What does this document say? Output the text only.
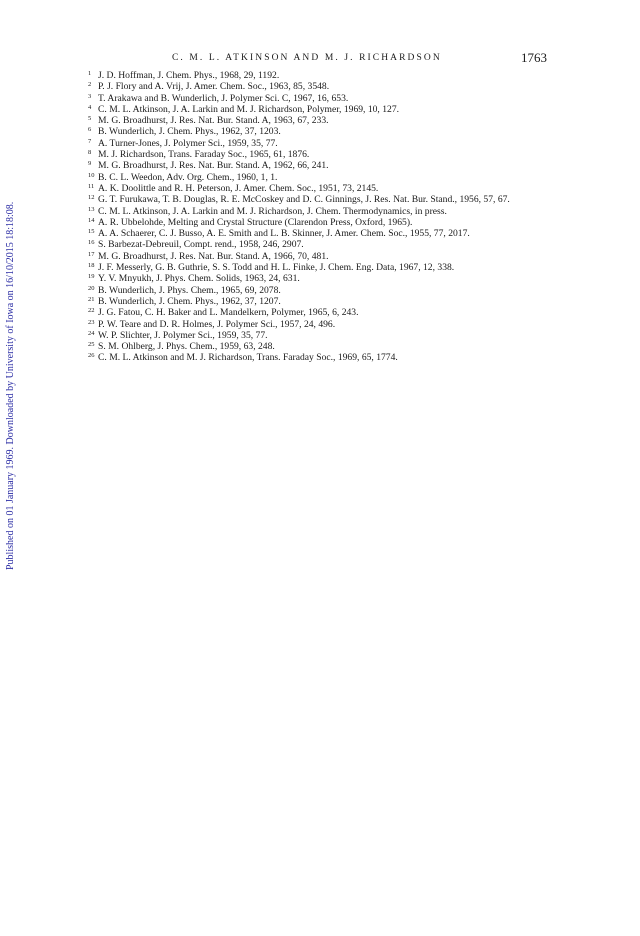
C. M. L. ATKINSON AND M. J. RICHARDSON	1763
Published on 01 January 1969. Downloaded by University of Iowa on 16/10/2015 18:18:08.
1 J. D. Hoffman, J. Chem. Phys., 1968, 29, 1192.
2 P. J. Flory and A. Vrij, J. Amer. Chem. Soc., 1963, 85, 3548.
3 T. Arakawa and B. Wunderlich, J. Polymer Sci. C, 1967, 16, 653.
4 C. M. L. Atkinson, J. A. Larkin and M. J. Richardson, Polymer, 1969, 10, 127.
5 M. G. Broadhurst, J. Res. Nat. Bur. Stand. A, 1963, 67, 233.
6 B. Wunderlich, J. Chem. Phys., 1962, 37, 1203.
7 A. Turner-Jones, J. Polymer Sci., 1959, 35, 77.
8 M. J. Richardson, Trans. Faraday Soc., 1965, 61, 1876.
9 M. G. Broadhurst, J. Res. Nat. Bur. Stand. A, 1962, 66, 241.
10 B. C. L. Weedon, Adv. Org. Chem., 1960, 1, 1.
11 A. K. Doolittle and R. H. Peterson, J. Amer. Chem. Soc., 1951, 73, 2145.
12 G. T. Furukawa, T. B. Douglas, R. E. McCoskey and D. C. Ginnings, J. Res. Nat. Bur. Stand., 1956, 57, 67.
13 C. M. L. Atkinson, J. A. Larkin and M. J. Richardson, J. Chem. Thermodynamics, in press.
14 A. R. Ubbelohde, Melting and Crystal Structure (Clarendon Press, Oxford, 1965).
15 A. A. Schaerer, C. J. Busso, A. E. Smith and L. B. Skinner, J. Amer. Chem. Soc., 1955, 77, 2017.
16 S. Barbezat-Debreuil, Compt. rend., 1958, 246, 2907.
17 M. G. Broadhurst, J. Res. Nat. Bur. Stand. A, 1966, 70, 481.
18 J. F. Messerly, G. B. Guthrie, S. S. Todd and H. L. Finke, J. Chem. Eng. Data, 1967, 12, 338.
19 Y. V. Mnyukh, J. Phys. Chem. Solids, 1963, 24, 631.
20 B. Wunderlich, J. Phys. Chem., 1965, 69, 2078.
21 B. Wunderlich, J. Chem. Phys., 1962, 37, 1207.
22 J. G. Fatou, C. H. Baker and L. Mandelkern, Polymer, 1965, 6, 243.
23 P. W. Teare and D. R. Holmes, J. Polymer Sci., 1957, 24, 496.
24 W. P. Slichter, J. Polymer Sci., 1959, 35, 77.
25 S. M. Ohlberg, J. Phys. Chem., 1959, 63, 248.
26 C. M. L. Atkinson and M. J. Richardson, Trans. Faraday Soc., 1969, 65, 1774.
